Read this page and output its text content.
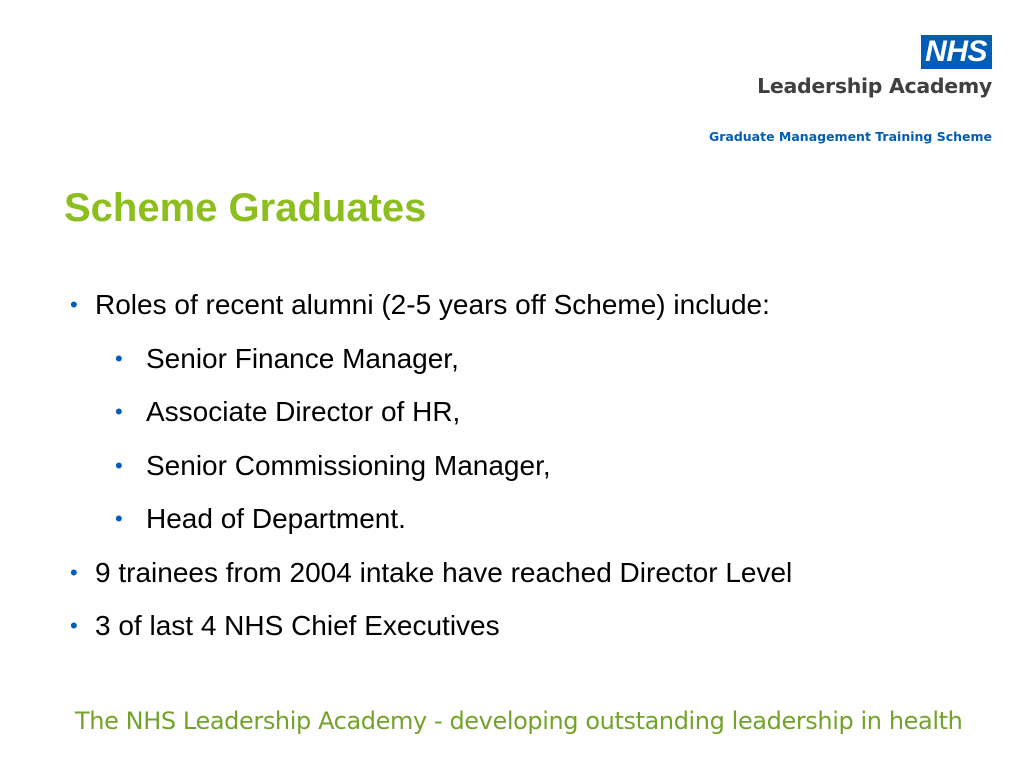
NHS
Leadership Academy
Graduate Management Training Scheme
Scheme Graduates
• Roles of recent alumni (2-5 years off Scheme) include:
• Senior Finance Manager,
• Associate Director of HR,
• Senior Commissioning Manager,
• Head of Department.
• 9 trainees from 2004 intake have reached Director Level
• 3 of last 4 NHS Chief Executives
The NHS Leadership Academy - developing outstanding leadership in health
